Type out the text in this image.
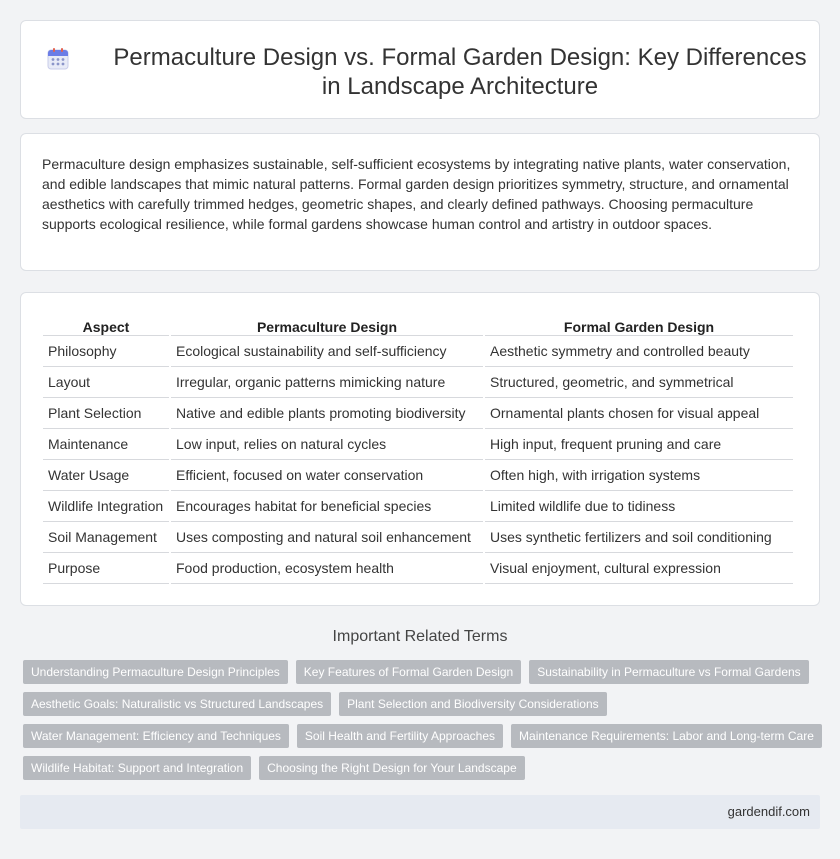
Permaculture Design vs. Formal Garden Design: Key Differences in Landscape Architecture

Permaculture design emphasizes sustainable, self-sufficient ecosystems by integrating native plants, water conservation, and edible landscapes that mimic natural patterns. Formal garden design prioritizes symmetry, structure, and ornamental aesthetics with carefully trimmed hedges, geometric shapes, and clearly defined pathways. Choosing permaculture supports ecological resilience, while formal gardens showcase human control and artistry in outdoor spaces.

Aspect	Permaculture Design	Formal Garden Design
Philosophy	Ecological sustainability and self-sufficiency	Aesthetic symmetry and controlled beauty
Layout	Irregular, organic patterns mimicking nature	Structured, geometric, and symmetrical
Plant Selection	Native and edible plants promoting biodiversity	Ornamental plants chosen for visual appeal
Maintenance	Low input, relies on natural cycles	High input, frequent pruning and care
Water Usage	Efficient, focused on water conservation	Often high, with irrigation systems
Wildlife Integration	Encourages habitat for beneficial species	Limited wildlife due to tidiness
Soil Management	Uses composting and natural soil enhancement	Uses synthetic fertilizers and soil conditioning
Purpose	Food production, ecosystem health	Visual enjoyment, cultural expression
Important Related Terms
Understanding Permaculture Design Principles	Key Features of Formal Garden Design	Sustainability in Permaculture vs Formal Gardens
Aesthetic Goals: Naturalistic vs Structured Landscapes	Plant Selection and Biodiversity Considerations
Water Management: Efficiency and Techniques	Soil Health and Fertility Approaches	Maintenance Requirements: Labor and Long-term Care
Wildlife Habitat: Support and Integration	Choosing the Right Design for Your Landscape
gardendif.com
